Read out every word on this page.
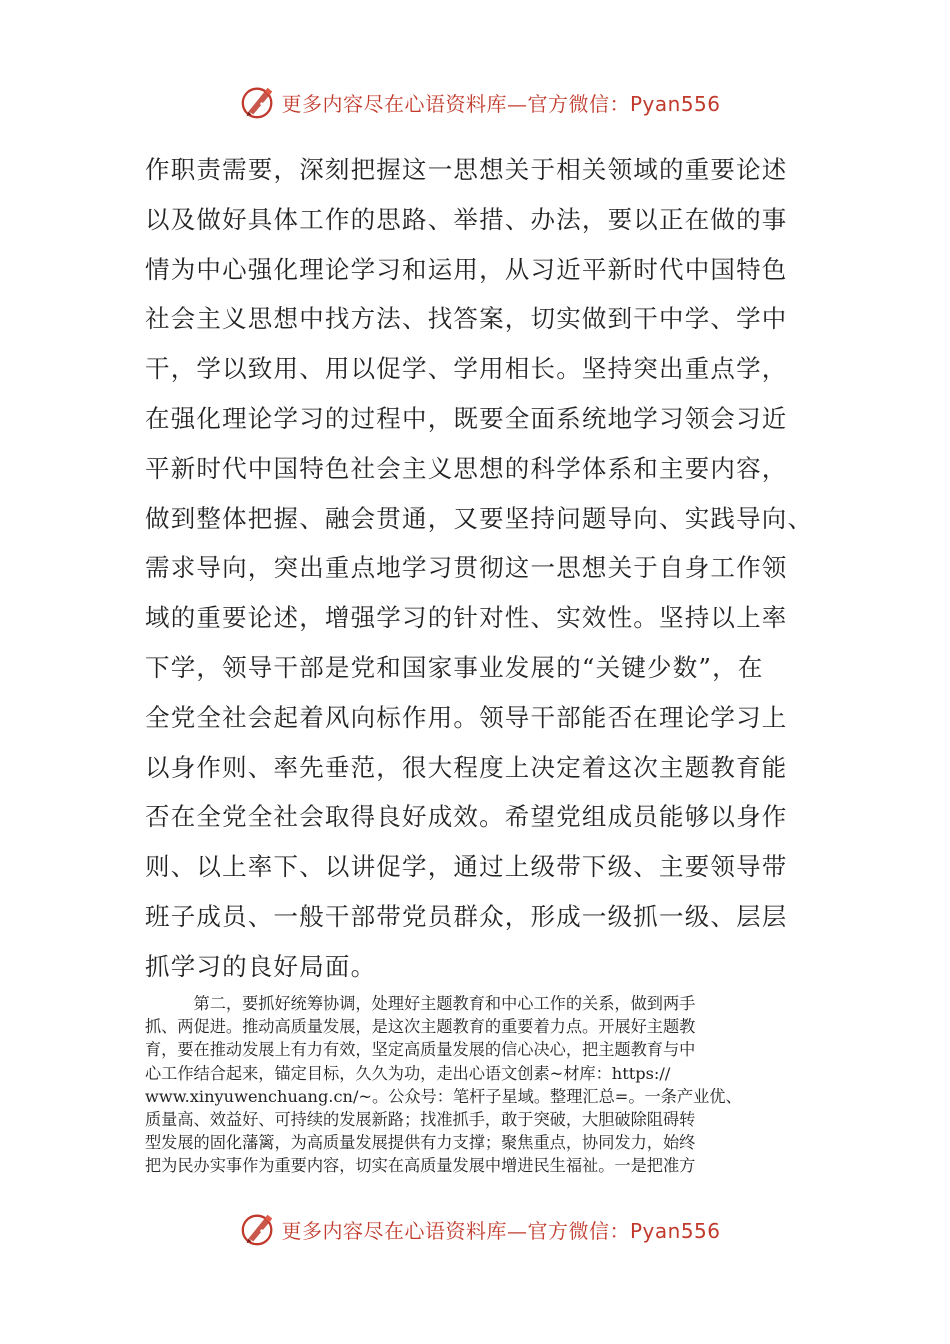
更多内容尽在心语资料库—官方微信：Pyan556
作职责需要，深刻把握这一思想关于相关领域的重要论述
以及做好具体工作的思路、举措、办法，要以正在做的事
情为中心强化理论学习和运用，从习近平新时代中国特色
社会主义思想中找方法、找答案，切实做到干中学、学中
干，学以致用、用以促学、学用相长。坚持突出重点学，
在强化理论学习的过程中，既要全面系统地学习领会习近
平新时代中国特色社会主义思想的科学体系和主要内容，
做到整体把握、融会贯通，又要坚持问题导向、实践导向、
需求导向，突出重点地学习贯彻这一思想关于自身工作领
域的重要论述，增强学习的针对性、实效性。坚持以上率
下学，领导干部是党和国家事业发展的“关键少数”，在
全党全社会起着风向标作用。领导干部能否在理论学习上
以身作则、率先垂范，很大程度上决定着这次主题教育能
否在全党全社会取得良好成效。希望党组成员能够以身作
则、以上率下、以讲促学，通过上级带下级、主要领导带
班子成员、一般干部带党员群众，形成一级抓一级、层层
抓学习的良好局面。
　　　第二，要抓好统筹协调，处理好主题教育和中心工作的关系，做到两手
抓、两促进。推动高质量发展，是这次主题教育的重要着力点。开展好主题教
育，要在推动发展上有力有效，坚定高质量发展的信心决心，把主题教育与中
心工作结合起来，锚定目标，久久为功，走出心语文创素~材库：https://
www.xinyuwenchuang.cn/~。公众号：笔杆子星域。整理汇总=。一条产业优、
质量高、效益好、可持续的发展新路；找准抓手，敢于突破，大胆破除阻碍转
型发展的固化藩篱，为高质量发展提供有力支撑；聚焦重点，协同发力，始终
把为民办实事作为重要内容，切实在高质量发展中增进民生福祉。一是把准方
更多内容尽在心语资料库—官方微信：Pyan556
